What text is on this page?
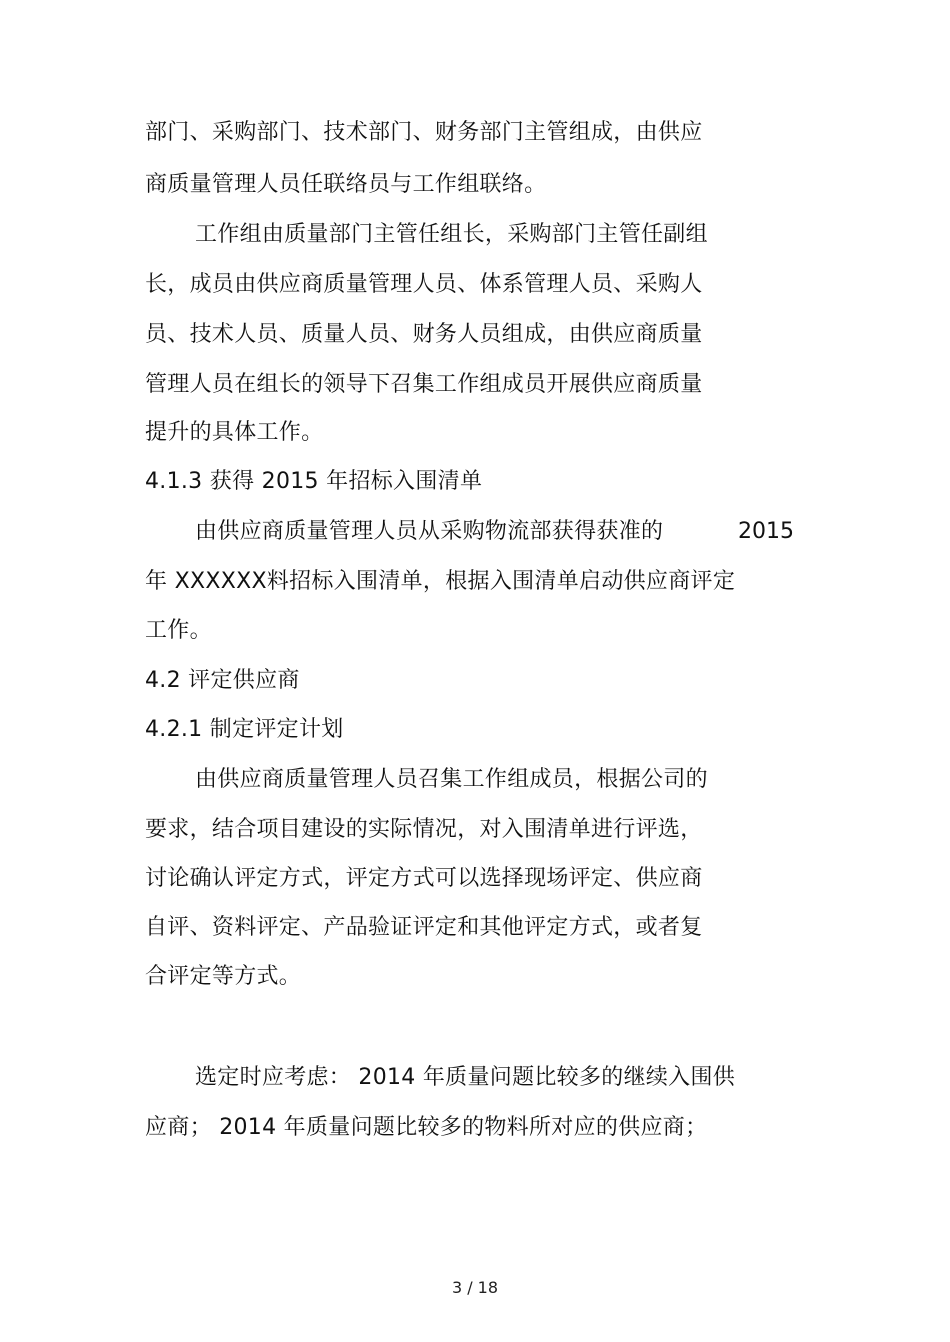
部门、采购部门、技术部门、财务部门主管组成，由供应
商质量管理人员任联络员与工作组联络。
工作组由质量部门主管任组长，采购部门主管任副组
长，成员由供应商质量管理人员、体系管理人员、采购人
员、技术人员、质量人员、财务人员组成，由供应商质量
管理人员在组长的领导下召集工作组成员开展供应商质量
提升的具体工作。
4.1.3 获得 2015 年招标入围清单
由供应商质量管理人员从采购物流部获得获准的	2015
年 XXXXXX料招标入围清单，根据入围清单启动供应商评定
工作。
4.2 评定供应商
4.2.1 制定评定计划
由供应商质量管理人员召集工作组成员，根据公司的
要求，结合项目建设的实际情况，对入围清单进行评选，
讨论确认评定方式，评定方式可以选择现场评定、供应商
自评、资料评定、产品验证评定和其他评定方式，或者复
合评定等方式。
选定时应考虑： 2014 年质量问题比较多的继续入围供
应商； 2014 年质量问题比较多的物料所对应的供应商；
3 / 18
